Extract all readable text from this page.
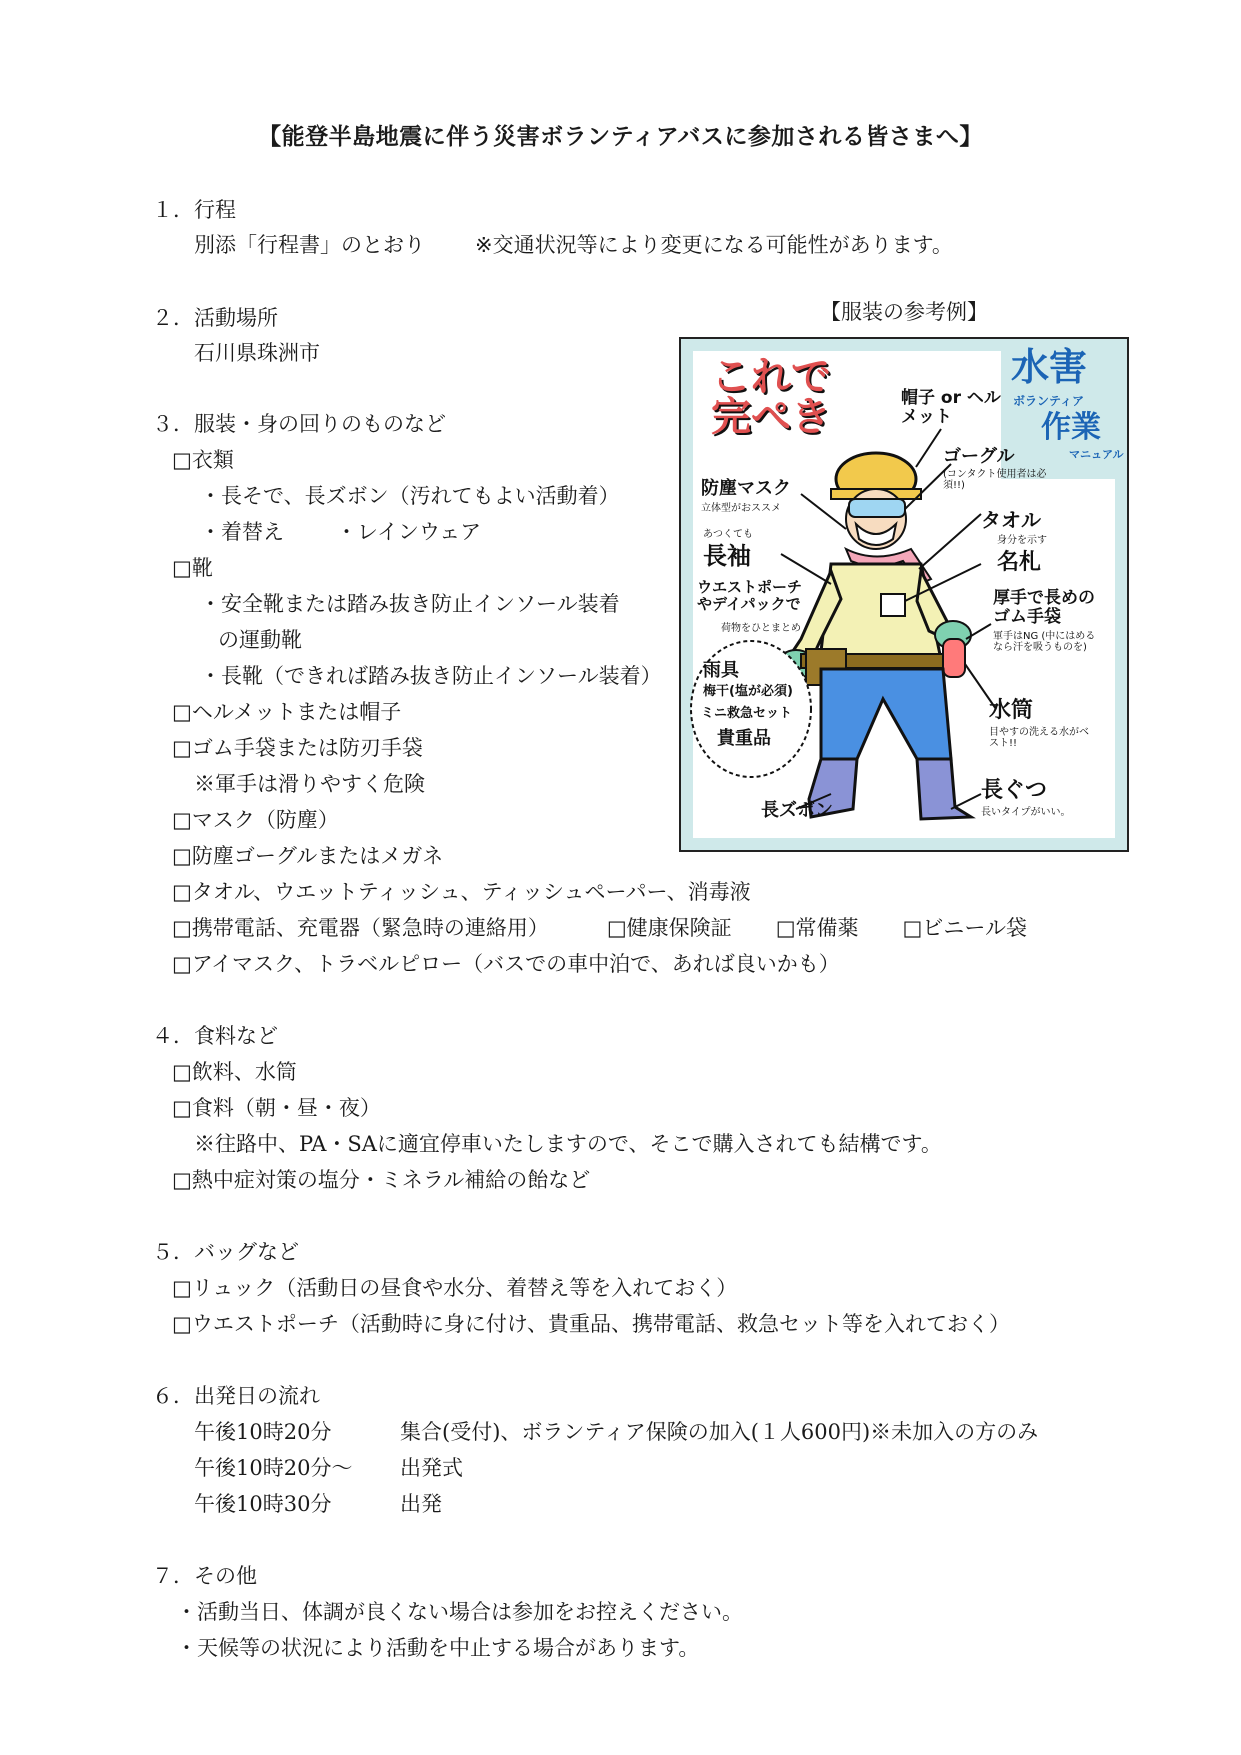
【能登半島地震に伴う災害ボランティアバスに参加される皆さまへ】
１．行程
別添「行程書」のとおり ※交通状況等により変更になる可能性があります。
２．活動場所
石川県珠洲市
【服装の参考例】
これで完ぺき
水害
ボランティア
作業
マニュアル
帽子 or ヘルメット
ゴーグル
(コンタクト使用者は必須!!)
防塵マスク
立体型がおススメ	タオル
あつくても
長袖
身分を示す
名札
ウエストポーチやデイパックで
荷物をひとまとめ
厚手で長めのゴム手袋
軍手はNG (中にはめるなら汗を吸うものを)
雨具
梅干(塩が必須)
ミニ救急セット
貴重品
水筒
目やすの洗える水がベスト!!
長ズボン
長ぐつ
長いタイプがいい。
３．服装・身の回りのものなど
□衣類
・長そで、長ズボン（汚れてもよい活動着）
・着替え ・レインウェア
□靴
・安全靴または踏み抜き防止インソール装着
の運動靴
・長靴（できれば踏み抜き防止インソール装着）
□ヘルメットまたは帽子
□ゴム手袋または防刃手袋
※軍手は滑りやすく危険
□マスク（防塵）
□防塵ゴーグルまたはメガネ
□タオル、ウエットティッシュ、ティッシュペーパー、消毒液
□携帯電話、充電器（緊急時の連絡用）	□健康保険証 □常備薬 □ビニール袋
□アイマスク、トラベルピロー（バスでの車中泊で、あれば良いかも）
４．食料など
□飲料、水筒
□食料（朝・昼・夜）
※往路中、PA・SAに適宜停車いたしますので、そこで購入されても結構です。
□熱中症対策の塩分・ミネラル補給の飴など
５．バッグなど
□リュック（活動日の昼食や水分、着替え等を入れておく）
□ウエストポーチ（活動時に身に付け、貴重品、携帯電話、救急セット等を入れておく）
６．出発日の流れ
午後10時20分	集合(受付)、ボランティア保険の加入(１人600円)※未加入の方のみ
午後10時20分～ 出発式
午後10時30分	出発
７．その他
・活動当日、体調が良くない場合は参加をお控えください。
・天候等の状況により活動を中止する場合があります。
